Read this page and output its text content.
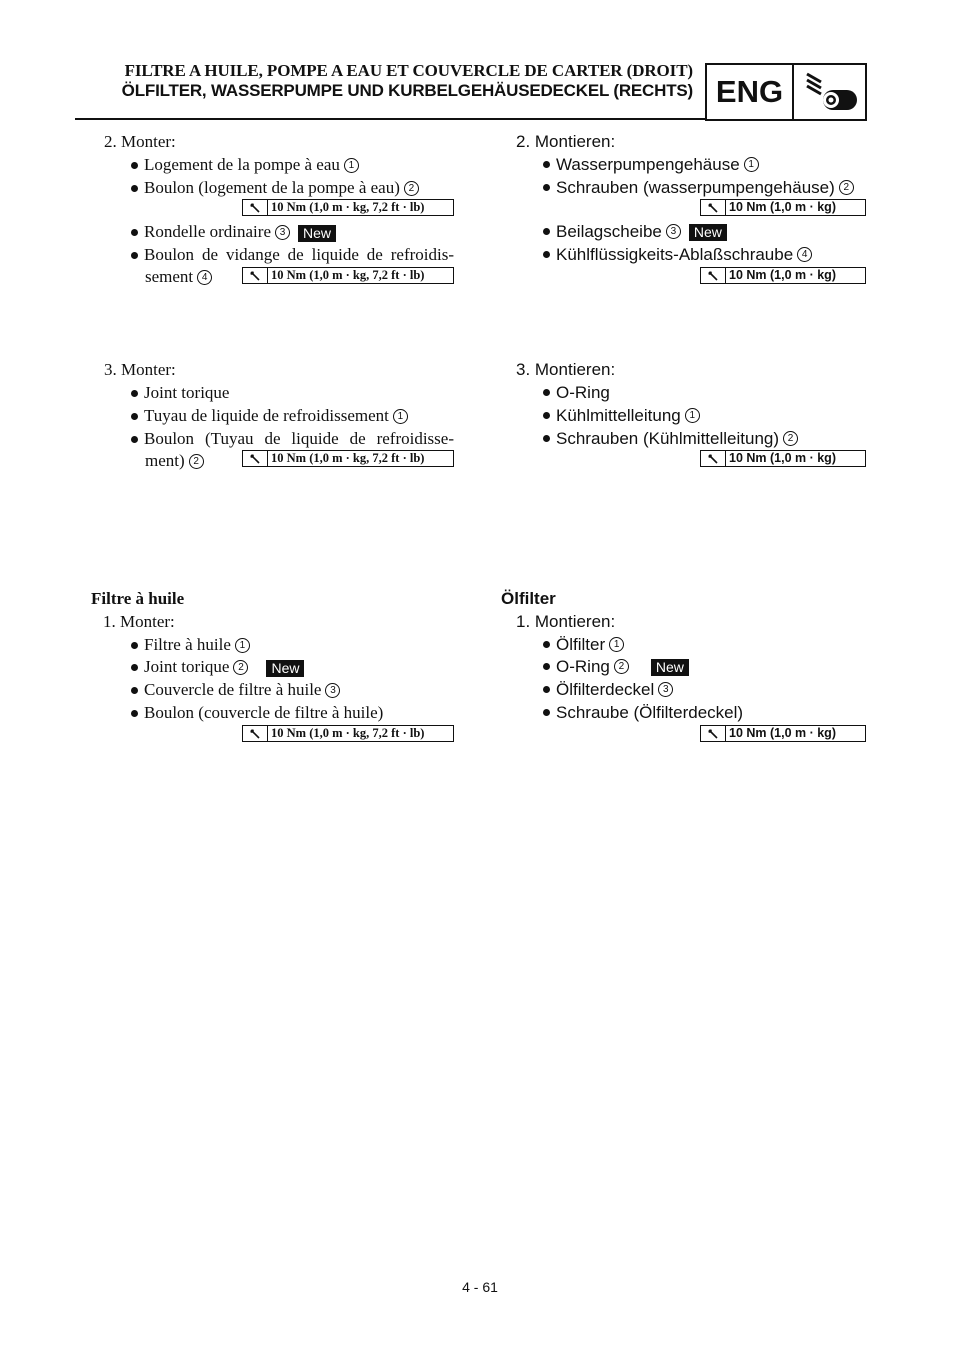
FILTRE A HUILE, POMPE A EAU ET COUVERCLE DE CARTER (DROIT)
ÖLFILTER, WASSERPUMPE UND KURBELGEHÄUSEDECKEL (RECHTS) ENG
2. Monter:
Logement de la pompe à eau 1
Boulon (logement de la pompe à eau) 2
10 Nm (1,0 m · kg, 7,2 ft · lb)
Rondelle ordinaire 3 New
Boulon de vidange de liquide de refroidis-
sement 4	10 Nm (1,0 m · kg, 7,2 ft · lb)
3. Monter:
Joint torique
Tuyau de liquide de refroidissement 1
Boulon (Tuyau de liquide de refroidisse-
ment) 2	10 Nm (1,0 m · kg, 7,2 ft · lb)
Filtre à huile
1. Monter:
Filtre à huile 1
Joint torique 2 New
Couvercle de filtre à huile 3
Boulon (couvercle de filtre à huile)
10 Nm (1,0 m · kg, 7,2 ft · lb)
2. Montieren:
Wasserpumpengehäuse 1
Schrauben (wasserpumpengehäuse) 2
10 Nm (1,0 m · kg)
Beilagscheibe 3 New
Kühlflüssigkeits-Ablaßschraube 4
10 Nm (1,0 m · kg)
3. Montieren:
O-Ring
Kühlmittelleitung 1
Schrauben (Kühlmittelleitung) 2
10 Nm (1,0 m · kg)
Ölfilter
1. Montieren:
Ölfilter 1
O-Ring 2 New
Ölfilterdeckel 3
Schraube (Ölfilterdeckel)
10 Nm (1,0 m · kg)
4 - 61
